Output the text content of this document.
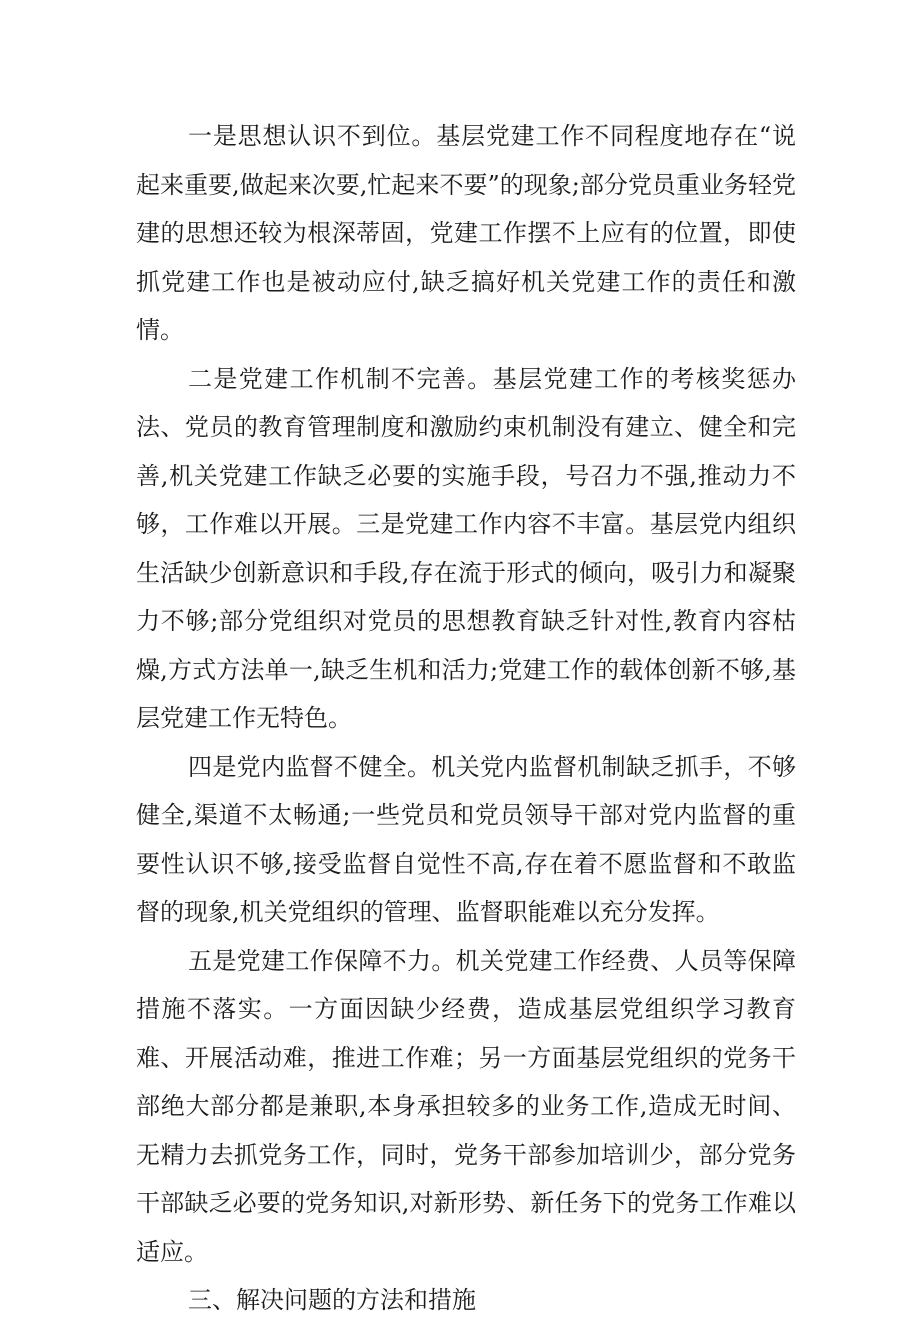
一是思想认识不到位。基层党建工作不同程度地存在“说起来重要,做起来次要,忙起来不要”的现象;部分党员重业务轻党建的思想还较为根深蒂固，党建工作摆不上应有的位置，即使抓党建工作也是被动应付,缺乏搞好机关党建工作的责任和激情。

二是党建工作机制不完善。基层党建工作的考核奖惩办法、党员的教育管理制度和激励约束机制没有建立、健全和完善,机关党建工作缺乏必要的实施手段，号召力不强,推动力不够，工作难以开展。三是党建工作内容不丰富。基层党内组织生活缺少创新意识和手段,存在流于形式的倾向，吸引力和凝聚力不够;部分党组织对党员的思想教育缺乏针对性,教育内容枯燥,方式方法单一,缺乏生机和活力;党建工作的载体创新不够,基层党建工作无特色。

四是党内监督不健全。机关党内监督机制缺乏抓手，不够健全,渠道不太畅通;一些党员和党员领导干部对党内监督的重要性认识不够,接受监督自觉性不高,存在着不愿监督和不敢监督的现象,机关党组织的管理、监督职能难以充分发挥。

五是党建工作保障不力。机关党建工作经费、人员等保障措施不落实。一方面因缺少经费，造成基层党组织学习教育难、开展活动难，推进工作难；另一方面基层党组织的党务干部绝大部分都是兼职,本身承担较多的业务工作,造成无时间、无精力去抓党务工作，同时，党务干部参加培训少，部分党务干部缺乏必要的党务知识,对新形势、新任务下的党务工作难以适应。

三、解决问题的方法和措施
